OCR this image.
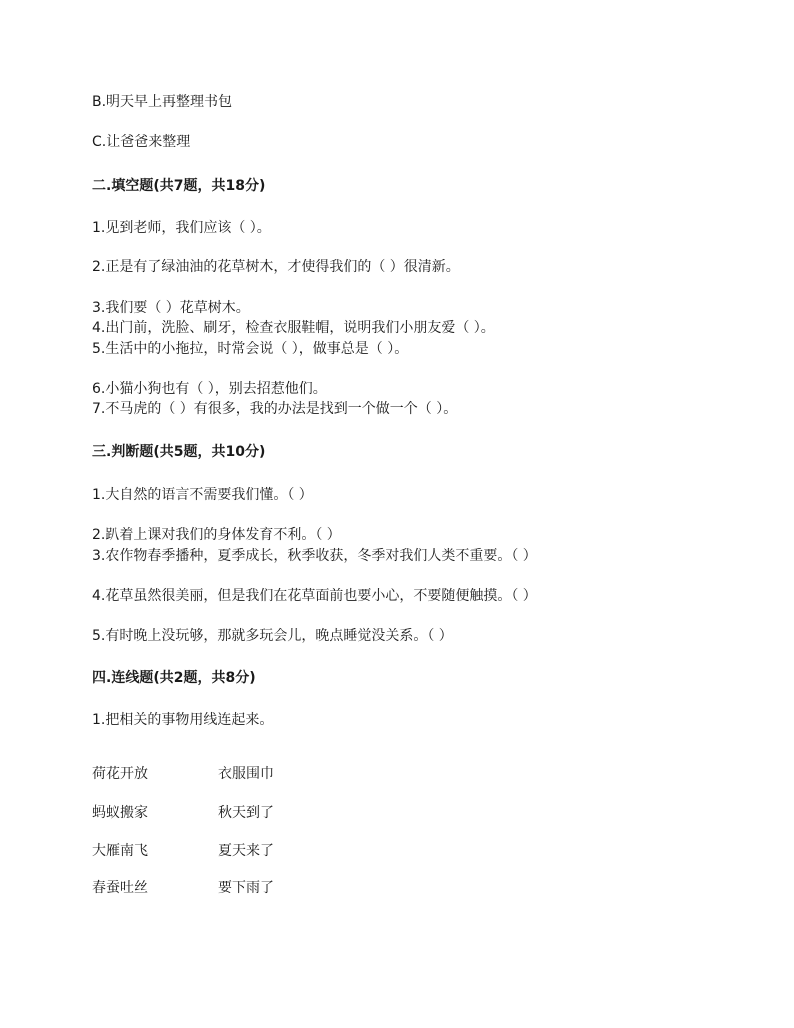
B.明天早上再整理书包
C.让爸爸来整理
二.填空题(共7题，共18分)
1.见到老师，我们应该（ ）。
2.正是有了绿油油的花草树木，才使得我们的（ ）很清新。
3.我们要（ ）花草树木。
4.出门前，洗脸、刷牙，检查衣服鞋帽，说明我们小朋友爱（ ）。
5.生活中的小拖拉，时常会说（ ），做事总是（ ）。
6.小猫小狗也有（ ），别去招惹他们。
7.不马虎的（ ）有很多，我的办法是找到一个做一个（ ）。
三.判断题(共5题，共10分)
1.大自然的语言不需要我们懂。（ ）
2.趴着上课对我们的身体发育不利。（ ）
3.农作物春季播种，夏季成长，秋季收获，冬季对我们人类不重要。（ ）
4.花草虽然很美丽，但是我们在花草面前也要小心，不要随便触摸。（ ）
5.有时晚上没玩够，那就多玩会儿，晚点睡觉没关系。（ ）
四.连线题(共2题，共8分)
1.把相关的事物用线连起来。
荷花开放	衣服围巾
蚂蚁搬家	秋天到了
大雁南飞	夏天来了
春蚕吐丝	要下雨了
